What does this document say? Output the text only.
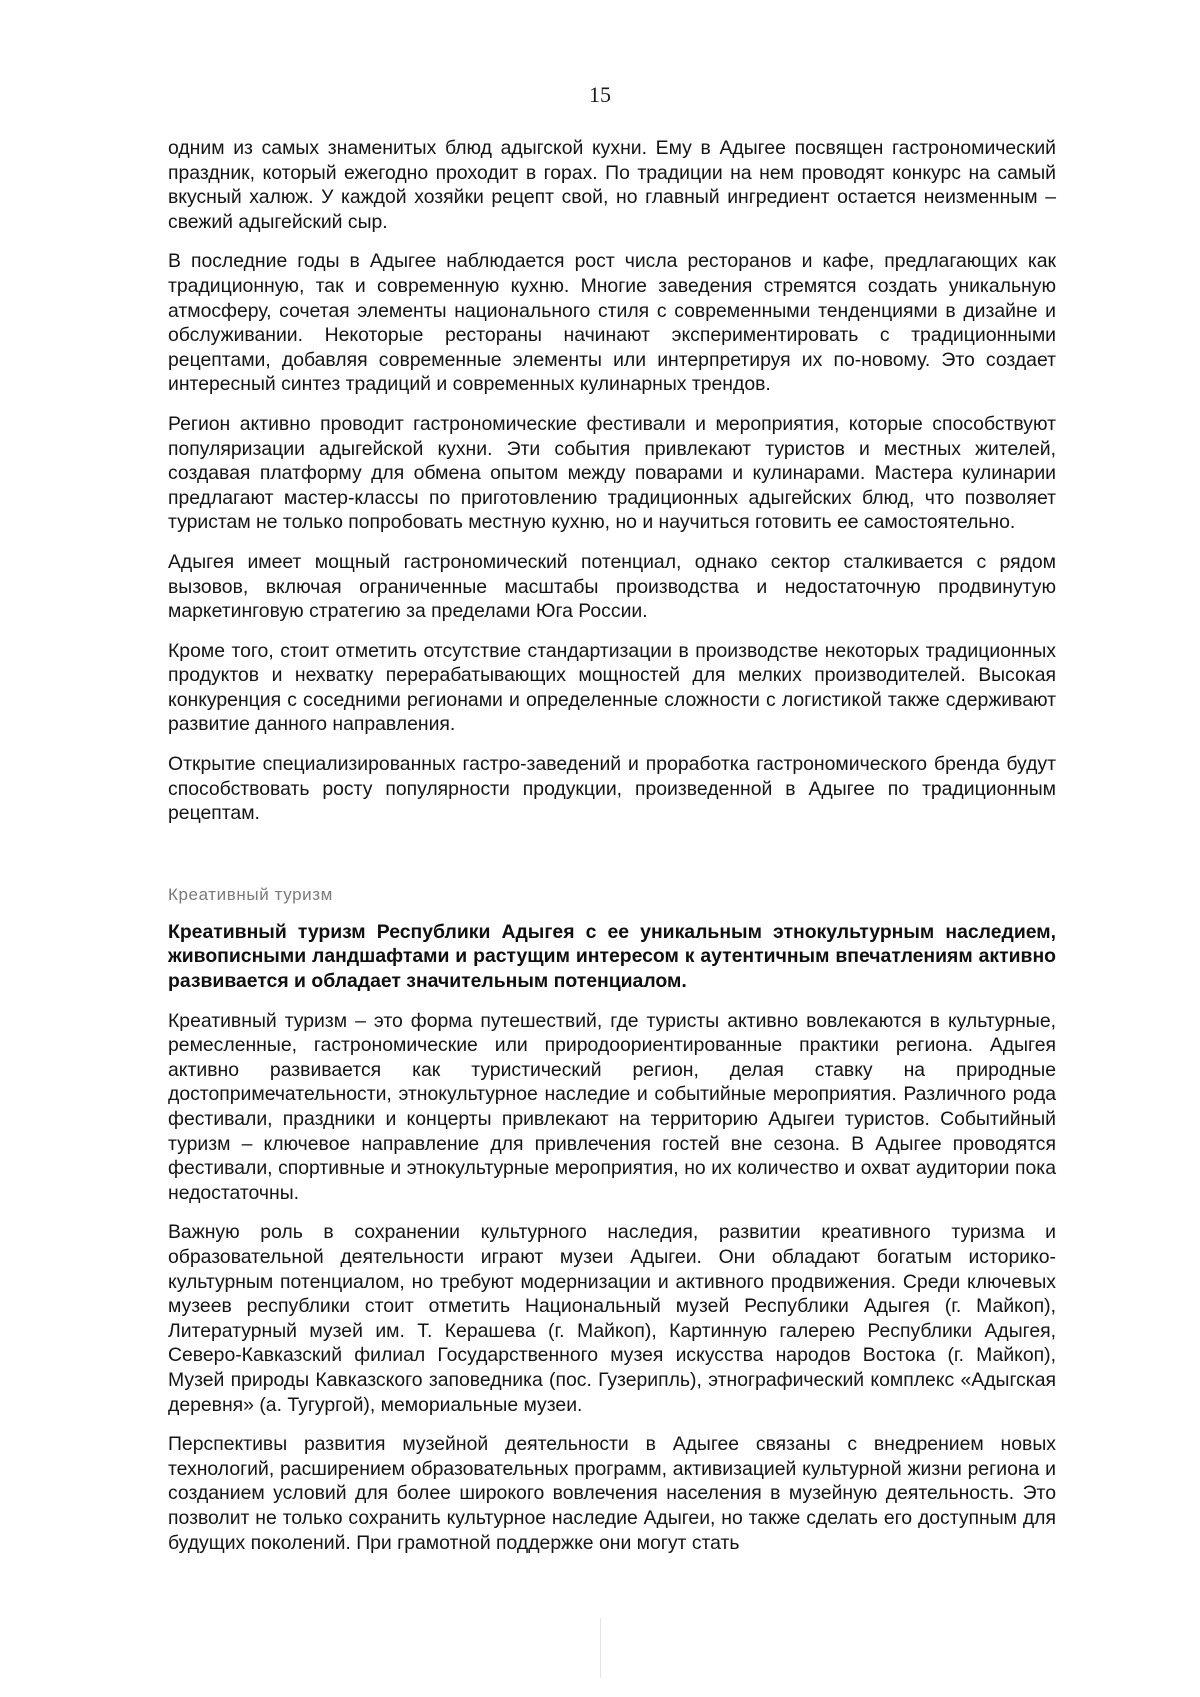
15

одним из самых знаменитых блюд адыгской кухни. Ему в Адыгее посвящен гастрономический праздник, который ежегодно проходит в горах. По традиции на нем проводят конкурс на самый вкусный халюж. У каждой хозяйки рецепт свой, но главный ингредиент остается неизменным – свежий адыгейский сыр.

В последние годы в Адыгее наблюдается рост числа ресторанов и кафе, предлагающих как традиционную, так и современную кухню. Многие заведения стремятся создать уникальную атмосферу, сочетая элементы национального стиля с современными тенденциями в дизайне и обслуживании. Некоторые рестораны начинают экспериментировать с традиционными рецептами, добавляя современные элементы или интерпретируя их по-новому. Это создает интересный синтез традиций и современных кулинарных трендов.

Регион активно проводит гастрономические фестивали и мероприятия, которые способствуют популяризации адыгейской кухни. Эти события привлекают туристов и местных жителей, создавая платформу для обмена опытом между поварами и кулинарами. Мастера кулинарии предлагают мастер-классы по приготовлению традиционных адыгейских блюд, что позволяет туристам не только попробовать местную кухню, но и научиться готовить ее самостоятельно.

Адыгея имеет мощный гастрономический потенциал, однако сектор сталкивается с рядом вызовов, включая ограниченные масштабы производства и недостаточную продвинутую маркетинговую стратегию за пределами Юга России.

Кроме того, стоит отметить отсутствие стандартизации в производстве некоторых традиционных продуктов и нехватку перерабатывающих мощностей для мелких производителей. Высокая конкуренция с соседними регионами и определенные сложности с логистикой также сдерживают развитие данного направления.

Открытие специализированных гастро-заведений и проработка гастрономического бренда будут способствовать росту популярности продукции, произведенной в Адыгее по традиционным рецептам.

Креативный туризм

Креативный туризм Республики Адыгея с ее уникальным этнокультурным наследием, живописными ландшафтами и растущим интересом к аутентичным впечатлениям активно развивается и обладает значительным потенциалом.

Креативный туризм – это форма путешествий, где туристы активно вовлекаются в культурные, ремесленные, гастрономические или природоориентированные практики региона. Адыгея активно развивается как туристический регион, делая ставку на природные достопримечательности, этнокультурное наследие и событийные мероприятия. Различного рода фестивали, праздники и концерты привлекают на территорию Адыгеи туристов. Событийный туризм – ключевое направление для привлечения гостей вне сезона. В Адыгее проводятся фестивали, спортивные и этнокультурные мероприятия, но их количество и охват аудитории пока недостаточны.

Важную роль в сохранении культурного наследия, развитии креативного туризма и образовательной деятельности играют музеи Адыгеи. Они обладают богатым историко-культурным потенциалом, но требуют модернизации и активного продвижения. Среди ключевых музеев республики стоит отметить Национальный музей Республики Адыгея (г. Майкоп), Литературный музей им. Т. Керашева (г. Майкоп), Картинную галерею Республики Адыгея, Северо-Кавказский филиал Государственного музея искусства народов Востока (г. Майкоп), Музей природы Кавказского заповедника (пос. Гузерипль), этнографический комплекс «Адыгская деревня» (а. Тугургой), мемориальные музеи.

Перспективы развития музейной деятельности в Адыгее связаны с внедрением новых технологий, расширением образовательных программ, активизацией культурной жизни региона и созданием условий для более широкого вовлечения населения в музейную деятельность. Это позволит не только сохранить культурное наследие Адыгеи, но также сделать его доступным для будущих поколений. При грамотной поддержке они могут стать
